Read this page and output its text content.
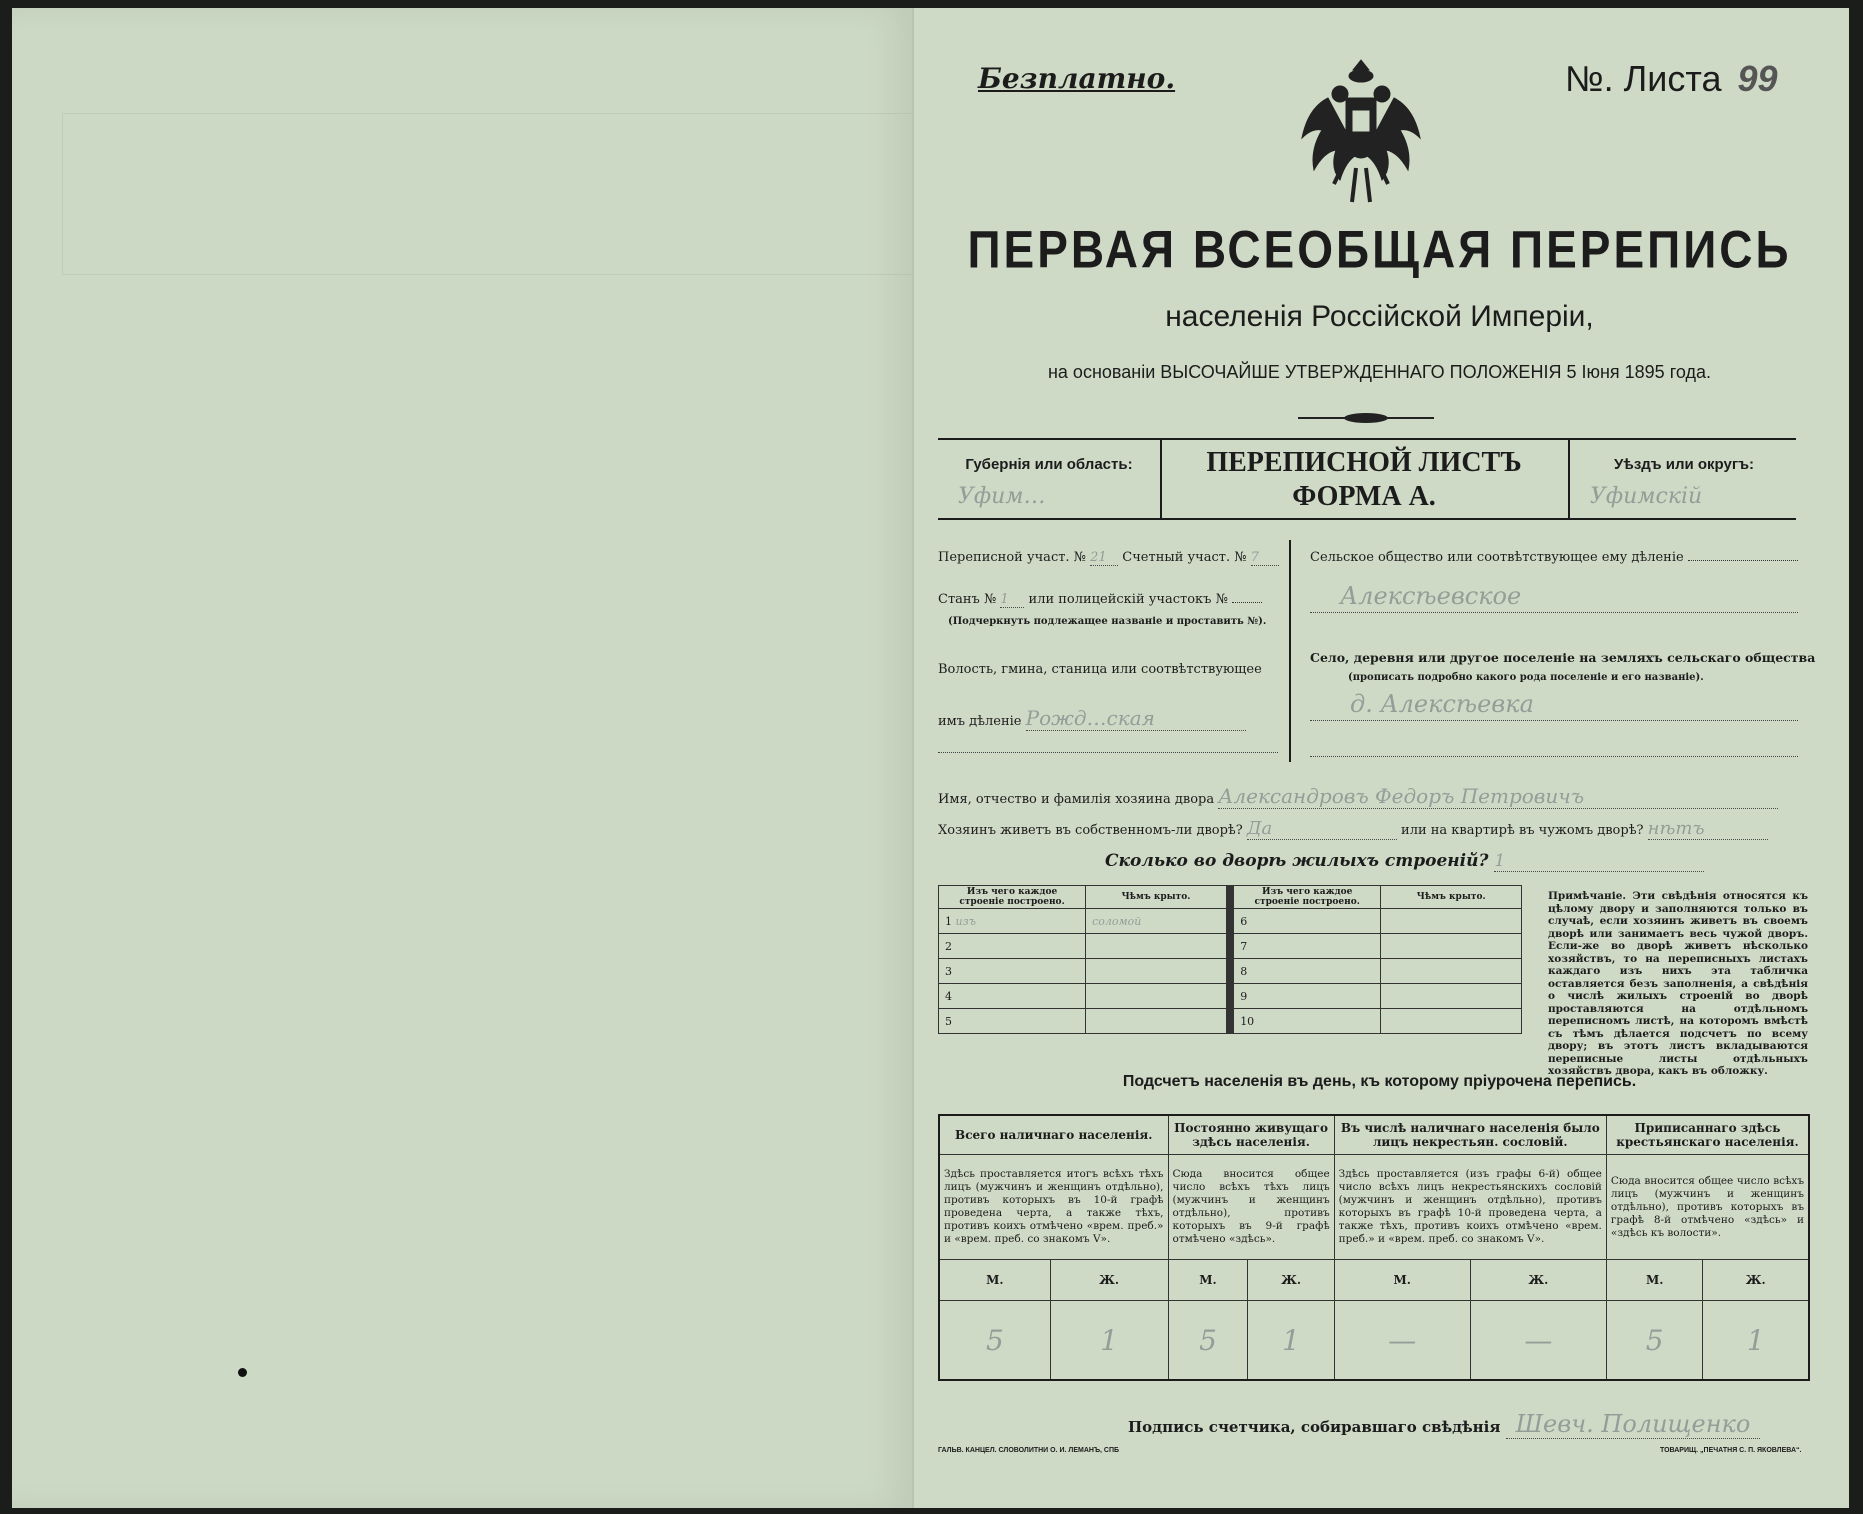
Безплатно.	№. Листа 99
ПЕРВАЯ ВСЕОБЩАЯ ПЕРЕПИСЬ
населенія Россійской Имперіи,
на основаніи ВЫСОЧАЙШЕ УТВЕРЖДЕННАГО ПОЛОЖЕНІЯ 5 Іюня 1895 года.
Губернія или область:
Уфим…
ПЕРЕПИСНОЙ ЛИСТЪ
ФОРМА А.
Уѣздъ или округъ:
Уфимскій
Переписной участ. № 21 Счетный участ. № 7
Станъ № 1 или полицейскій участокъ №
(Подчеркнуть подлежащее названіе и проставить №).
Волость, гмина, станица или соотвѣтствующее
имъ дѣленіе Рожд…ская
Сельское общество или соотвѣтствующее ему дѣленіе
Алексѣевское
Село, деревня или другое поселеніе на земляхъ сельскаго общества
(прописать подробно какого рода поселеніе и его названіе).
д. Алексѣевка
Имя, отчество и фамилія хозяина двора Александровъ Федоръ Петровичъ
Хозяинъ живетъ въ собственномъ-ли дворѣ? Да	или на квартирѣ въ чужомъ дворѣ? нѣтъ
Сколько во дворѣ жилыхъ строеній? 1
Изъ чего каждое строеніе построено.	Чѣмъ крыто.		Изъ чего каждое строеніе построено.	Чѣмъ крыто.
1 изъ	соломой		6	
2			7	
3			8	
4			9	
5			10	
Примѣчаніе. Эти свѣдѣнія относятся къ цѣлому двору и заполняются только въ случаѣ, если хозяинъ живетъ въ своемъ дворѣ или занимаетъ весь чужой дворъ. Если-же во дворѣ живетъ нѣсколько хозяйствъ, то на переписныхъ листахъ каждаго изъ нихъ эта табличка оставляется безъ заполненія, а свѣдѣнія о числѣ жилыхъ строеній во дворѣ проставляются на отдѣльномъ переписномъ листѣ, на которомъ вмѣстѣ съ тѣмъ дѣлается подсчетъ по всему двору; въ этотъ листъ вкладываются переписные листы отдѣльныхъ хозяйствъ двора, какъ въ обложку.
Подсчетъ населенія въ день, къ которому пріурочена перепись.
Всего наличнаго населенія.		Постоянно живущаго здѣсь населенія.		Въ числѣ наличнаго населенія было лицъ некрестьян. сословій.		Приписаннаго здѣсь крестьянскаго населенія.	
Здѣсь проставляется итогъ всѣхъ тѣхъ лицъ (мужчинъ и женщинъ отдѣльно), противъ которыхъ въ 10-й графѣ проведена черта, а также тѣхъ, противъ коихъ отмѣчено «врем. преб.» и «врем. преб. со знакомъ V».		Сюда вносится общее число всѣхъ тѣхъ лицъ (мужчинъ и женщинъ отдѣльно), противъ которыхъ въ 9-й графѣ отмѣчено «здѣсь».		Здѣсь проставляется (изъ графы 6-й) общее число всѣхъ лицъ некрестьянскихъ сословій (мужчинъ и женщинъ отдѣльно), противъ которыхъ въ графѣ 10-й проведена черта, а также тѣхъ, противъ коихъ отмѣчено «врем. преб.» и «врем. преб. со знакомъ V».		Сюда вносится общее число всѣхъ лицъ (мужчинъ и женщинъ отдѣльно), противъ которыхъ въ графѣ 8-й отмѣчено «здѣсь» и «здѣсь къ волости».	
М.	Ж.	М.	Ж.	М.	Ж.	М.	Ж.
5	1	5	1	—	—	5	1
Подпись счетчика, собиравшаго свѣдѣнія Шевч. Полищенко
ГАЛЬВ. КАНЦЕЛ. СЛОВОЛИТНИ О. И. ЛЕМАНЪ, СПБ	ТОВАРИЩ. „ПЕЧАТНЯ С. П. ЯКОВЛЕВА“.
